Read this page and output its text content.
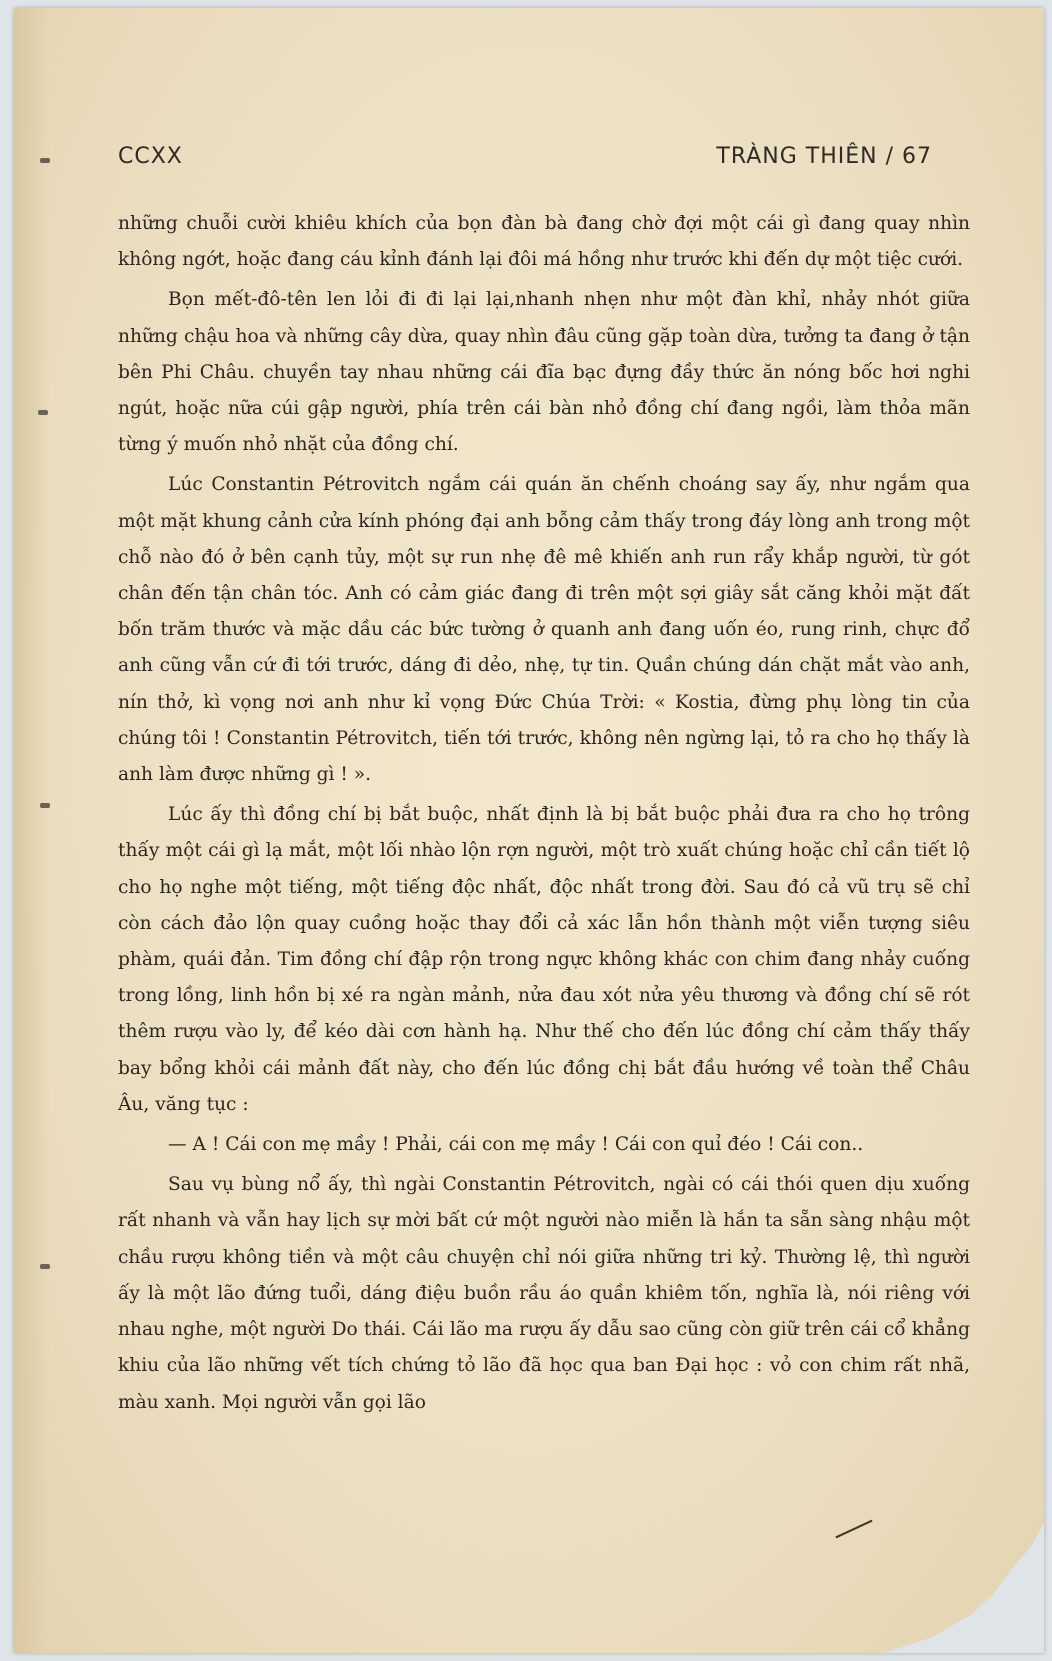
CCXX	TRÀNG THIÊN / 67

những chuỗi cười khiêu khích của bọn đàn bà đang chờ đợi một cái gì đang quay nhìn không ngớt, hoặc đang cáu kỉnh đánh lại đôi má hồng như trước khi đến dự một tiệc cưới.

Bọn mết-đô-tên len lỏi đi đi lại lại,nhanh nhẹn như một đàn khỉ, nhảy nhót giữa những chậu hoa và những cây dừa, quay nhìn đâu cũng gặp toàn dừa, tưởng ta đang ở tận bên Phi Châu. chuyền tay nhau những cái đĩa bạc đựng đầy thức ăn nóng bốc hơi nghi ngút, hoặc nữa cúi gập người, phía trên cái bàn nhỏ đồng chí đang ngồi, làm thỏa mãn từng ý muốn nhỏ nhặt của đồng chí.

Lúc Constantin Pétrovitch ngắm cái quán ăn chếnh choáng say ấy, như ngắm qua một mặt khung cảnh cửa kính phóng đại anh bỗng cảm thấy trong đáy lòng anh trong một chỗ nào đó ở bên cạnh tủy, một sự run nhẹ đê mê khiến anh run rẩy khắp người, từ gót chân đến tận chân tóc. Anh có cảm giác đang đi trên một sợi giây sắt căng khỏi mặt đất bốn trăm thước và mặc dầu các bức tường ở quanh anh đang uốn éo, rung rinh, chực đổ anh cũng vẫn cứ đi tới trước, dáng đi dẻo, nhẹ, tự tin. Quần chúng dán chặt mắt vào anh, nín thở, kì vọng nơi anh như kỉ vọng Đức Chúa Trời: « Kostia, đừng phụ lòng tin của chúng tôi ! Constantin Pétrovitch, tiến tới trước, không nên ngừng lại, tỏ ra cho họ thấy là anh làm được những gì ! ».

Lúc ấy thì đồng chí bị bắt buộc, nhất định là bị bắt buộc phải đưa ra cho họ trông thấy một cái gì lạ mắt, một lối nhào lộn rợn người, một trò xuất chúng hoặc chỉ cần tiết lộ cho họ nghe một tiếng, một tiếng độc nhất, độc nhất trong đời. Sau đó cả vũ trụ sẽ chỉ còn cách đảo lộn quay cuồng hoặc thay đổi cả xác lẫn hồn thành một viễn tượng siêu phàm, quái đản. Tim đồng chí đập rộn trong ngực không khác con chim đang nhảy cuống trong lồng, linh hồn bị xé ra ngàn mảnh, nửa đau xót nửa yêu thương và đồng chí sẽ rót thêm rượu vào ly, để kéo dài cơn hành hạ. Như thế cho đến lúc đồng chí cảm thấy thấy bay bổng khỏi cái mảnh đất này, cho đến lúc đồng chị bắt đầu hướng về toàn thể Châu Âu, văng tục :

— A ! Cái con mẹ mầy ! Phải, cái con mẹ mầy ! Cái con quỉ đéo ! Cái con..

Sau vụ bùng nổ ấy, thì ngài Constantin Pétrovitch, ngài có cái thói quen dịu xuống rất nhanh và vẫn hay lịch sự mời bất cứ một người nào miễn là hắn ta sẵn sàng nhậu một chầu rượu không tiền và một câu chuyện chỉ nói giữa những tri kỷ. Thường lệ, thì người ấy là một lão đứng tuổi, dáng điệu buồn rầu áo quần khiêm tốn, nghĩa là, nói riêng với nhau nghe, một người Do thái. Cái lão ma rượu ấy dẫu sao cũng còn giữ trên cái cổ khẳng khiu của lão những vết tích chứng tỏ lão đã học qua ban Đại học : vỏ con chim rất nhã, màu xanh. Mọi người vẫn gọi lão
